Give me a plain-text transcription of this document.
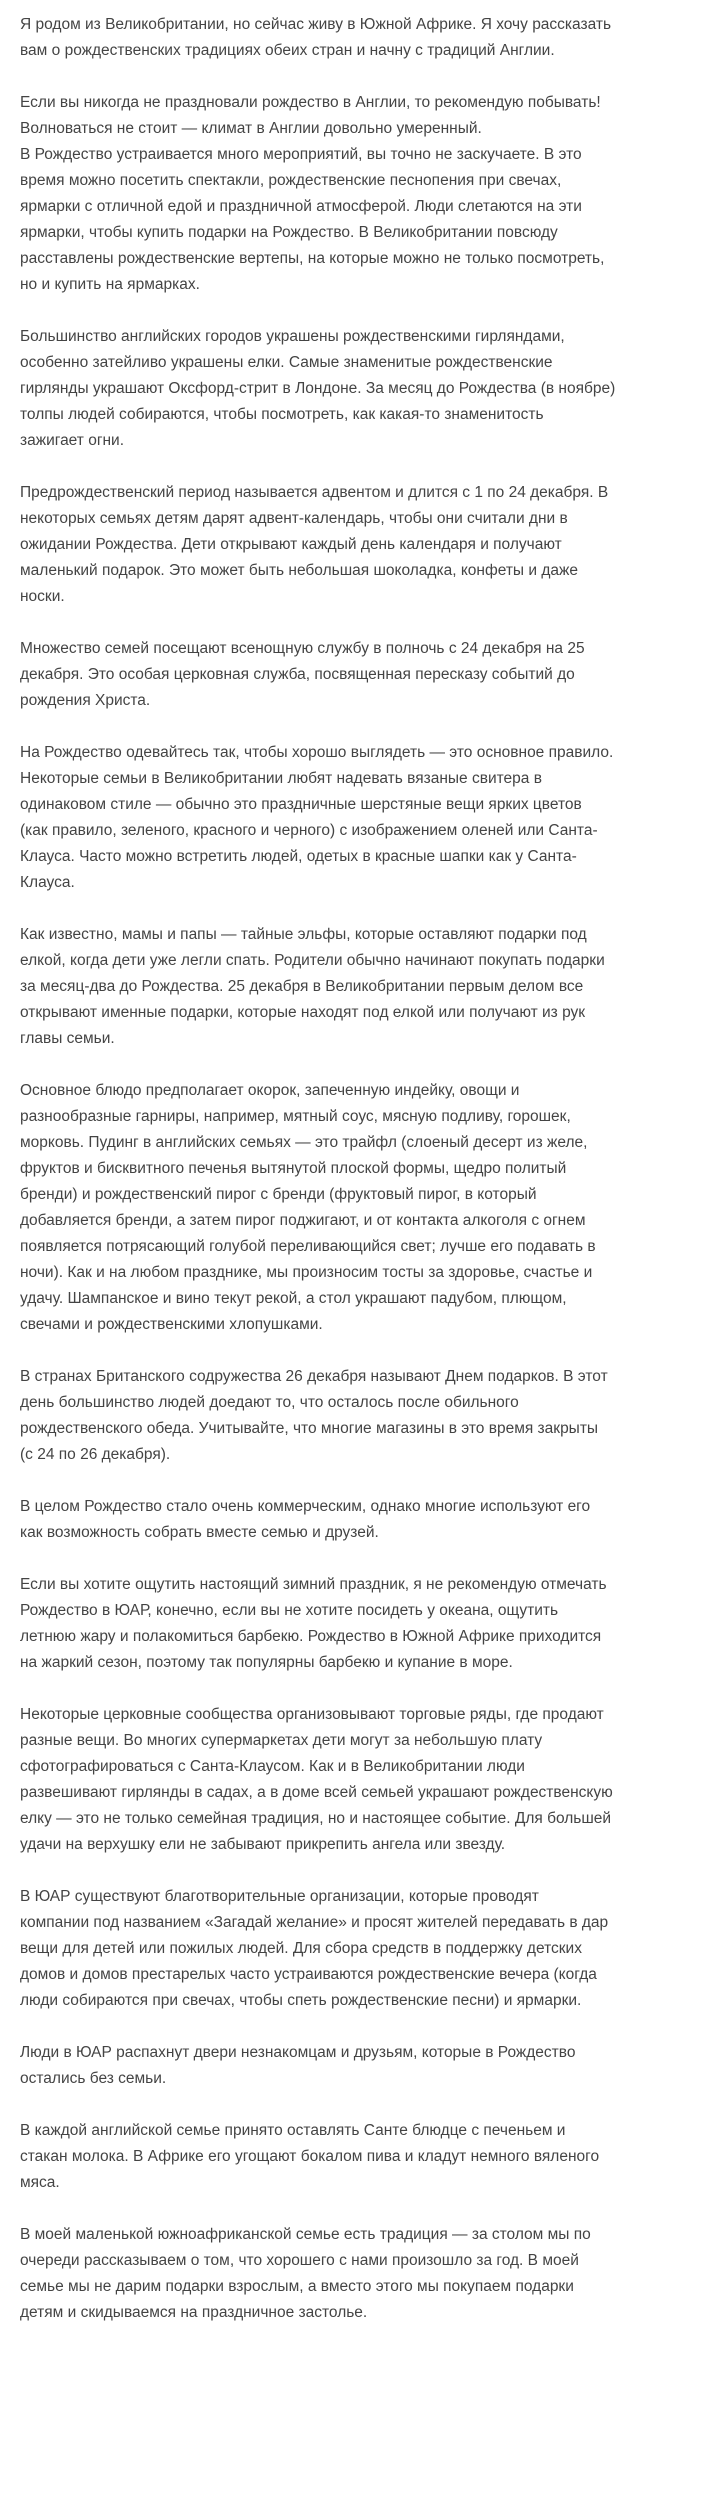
Я родом из Великобритании, но сейчас живу в Южной Африке. Я хочу рассказать
вам о рождественских традициях обеих стран и начну с традиций Англии.

Если вы никогда не праздновали рождество в Англии, то рекомендую побывать!
Волноваться не стоит — климат в Англии довольно умеренный.
В Рождество устраивается много мероприятий, вы точно не заскучаете. В это
время можно посетить спектакли, рождественские песнопения при свечах,
ярмарки с отличной едой и праздничной атмосферой. Люди слетаются на эти
ярмарки, чтобы купить подарки на Рождество. В Великобритании повсюду
расставлены рождественские вертепы, на которые можно не только посмотреть,
но и купить на ярмарках.

Большинство английских городов украшены рождественскими гирляндами,
особенно затейливо украшены елки. Самые знаменитые рождественские
гирлянды украшают Оксфорд-стрит в Лондоне. За месяц до Рождества (в ноябре)
толпы людей собираются, чтобы посмотреть, как какая-то знаменитость
зажигает огни.

Предрождественский период называется адвентом и длится с 1 по 24 декабря. В
некоторых семьях детям дарят адвент-календарь, чтобы они считали дни в
ожидании Рождества. Дети открывают каждый день календаря и получают
маленький подарок. Это может быть небольшая шоколадка, конфеты и даже
носки.

Множество семей посещают всенощную службу в полночь с 24 декабря на 25
декабря. Это особая церковная служба, посвященная пересказу событий до
рождения Христа.

На Рождество одевайтесь так, чтобы хорошо выглядеть — это основное правило.
Некоторые семьи в Великобритании любят надевать вязаные свитера в
одинаковом стиле — обычно это праздничные шерстяные вещи ярких цветов
(как правило, зеленого, красного и черного) с изображением оленей или Санта-
Клауса. Часто можно встретить людей, одетых в красные шапки как у Санта-
Клауса.

Как известно, мамы и папы — тайные эльфы, которые оставляют подарки под
елкой, когда дети уже легли спать. Родители обычно начинают покупать подарки
за месяц-два до Рождества. 25 декабря в Великобритании первым делом все
открывают именные подарки, которые находят под елкой или получают из рук
главы семьи.

Основное блюдо предполагает окорок, запеченную индейку, овощи и
разнообразные гарниры, например, мятный соус, мясную подливу, горошек,
морковь. Пудинг в английских семьях — это трайфл (слоеный десерт из желе,
фруктов и бисквитного печенья вытянутой плоской формы, щедро политый
бренди) и рождественский пирог с бренди (фруктовый пирог, в который
добавляется бренди, а затем пирог поджигают, и от контакта алкоголя с огнем
появляется потрясающий голубой переливающийся свет; лучше его подавать в
ночи). Как и на любом празднике, мы произносим тосты за здоровье, счастье и
удачу. Шампанское и вино текут рекой, а стол украшают падубом, плющом,
свечами и рождественскими хлопушками.

В странах Британского содружества 26 декабря называют Днем подарков. В этот
день большинство людей доедают то, что осталось после обильного
рождественского обеда. Учитывайте, что многие магазины в это время закрыты
(с 24 по 26 декабря).

В целом Рождество стало очень коммерческим, однако многие используют его
как возможность собрать вместе семью и друзей.

Если вы хотите ощутить настоящий зимний праздник, я не рекомендую отмечать
Рождество в ЮАР, конечно, если вы не хотите посидеть у океана, ощутить
летнюю жару и полакомиться барбекю. Рождество в Южной Африке приходится
на жаркий сезон, поэтому так популярны барбекю и купание в море.

Некоторые церковные сообщества организовывают торговые ряды, где продают
разные вещи. Во многих супермаркетах дети могут за небольшую плату
сфотографироваться с Санта-Клаусом. Как и в Великобритании люди
развешивают гирлянды в садах, а в доме всей семьей украшают рождественскую
елку — это не только семейная традиция, но и настоящее событие. Для большей
удачи на верхушку ели не забывают прикрепить ангела или звезду.

В ЮАР существуют благотворительные организации, которые проводят
компании под названием «Загадай желание» и просят жителей передавать в дар
вещи для детей или пожилых людей. Для сбора средств в поддержку детских
домов и домов престарелых часто устраиваются рождественские вечера (когда
люди собираются при свечах, чтобы спеть рождественские песни) и ярмарки.

Люди в ЮАР распахнут двери незнакомцам и друзьям, которые в Рождество
остались без семьи.

В каждой английской семье принято оставлять Санте блюдце с печеньем и
стакан молока. В Африке его угощают бокалом пива и кладут немного вяленого
мяса.

В моей маленькой южноафриканской семье есть традиция — за столом мы по
очереди рассказываем о том, что хорошего с нами произошло за год. В моей
семье мы не дарим подарки взрослым, а вместо этого мы покупаем подарки
детям и скидываемся на праздничное застолье.
